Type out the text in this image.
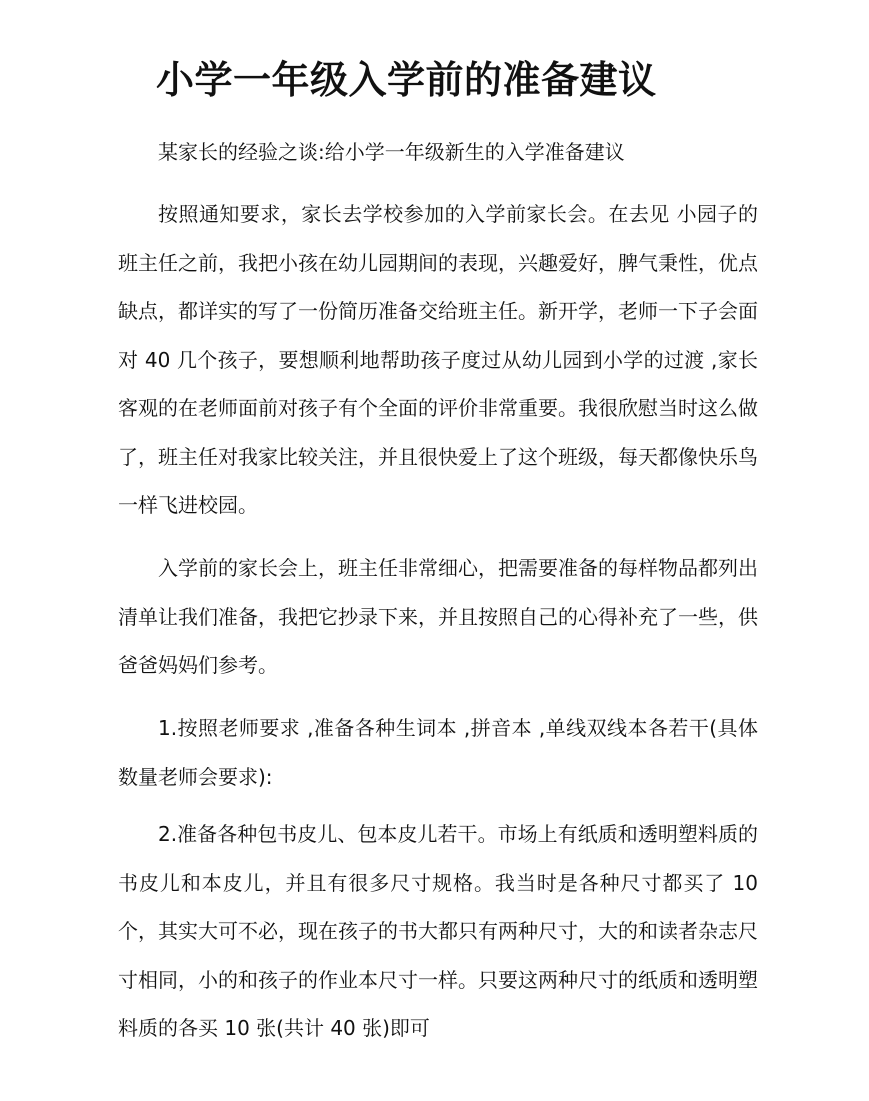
小学一年级入学前的准备建议

某家长的经验之谈:给小学一年级新生的入学准备建议

按照通知要求，家长去学校参加的入学前家长会。在去见 小园子的班主任之前，我把小孩在幼儿园期间的表现，兴趣爱好，脾气秉性，优点缺点，都详实的写了一份简历准备交给班主任。新开学，老师一下子会面对 40 几个孩子，要想顺利地帮助孩子度过从幼儿园到小学的过渡 ,家长客观的在老师面前对孩子有个全面的评价非常重要。我很欣慰当时这么做了，班主任对我家比较关注，并且很快爱上了这个班级，每天都像快乐鸟一样飞进校园。

入学前的家长会上，班主任非常细心，把需要准备的每样物品都列出清单让我们准备，我把它抄录下来，并且按照自己的心得补充了一些，供爸爸妈妈们参考。

1.按照老师要求 ,准备各种生词本 ,拼音本 ,单线双线本各若干(具体数量老师会要求):

2.准备各种包书皮儿、包本皮儿若干。市场上有纸质和透明塑料质的书皮儿和本皮儿，并且有很多尺寸规格。我当时是各种尺寸都买了 10 个，其实大可不必，现在孩子的书大都只有两种尺寸，大的和读者杂志尺寸相同，小的和孩子的作业本尺寸一样。只要这两种尺寸的纸质和透明塑料质的各买 10 张(共计 40 张)即可
